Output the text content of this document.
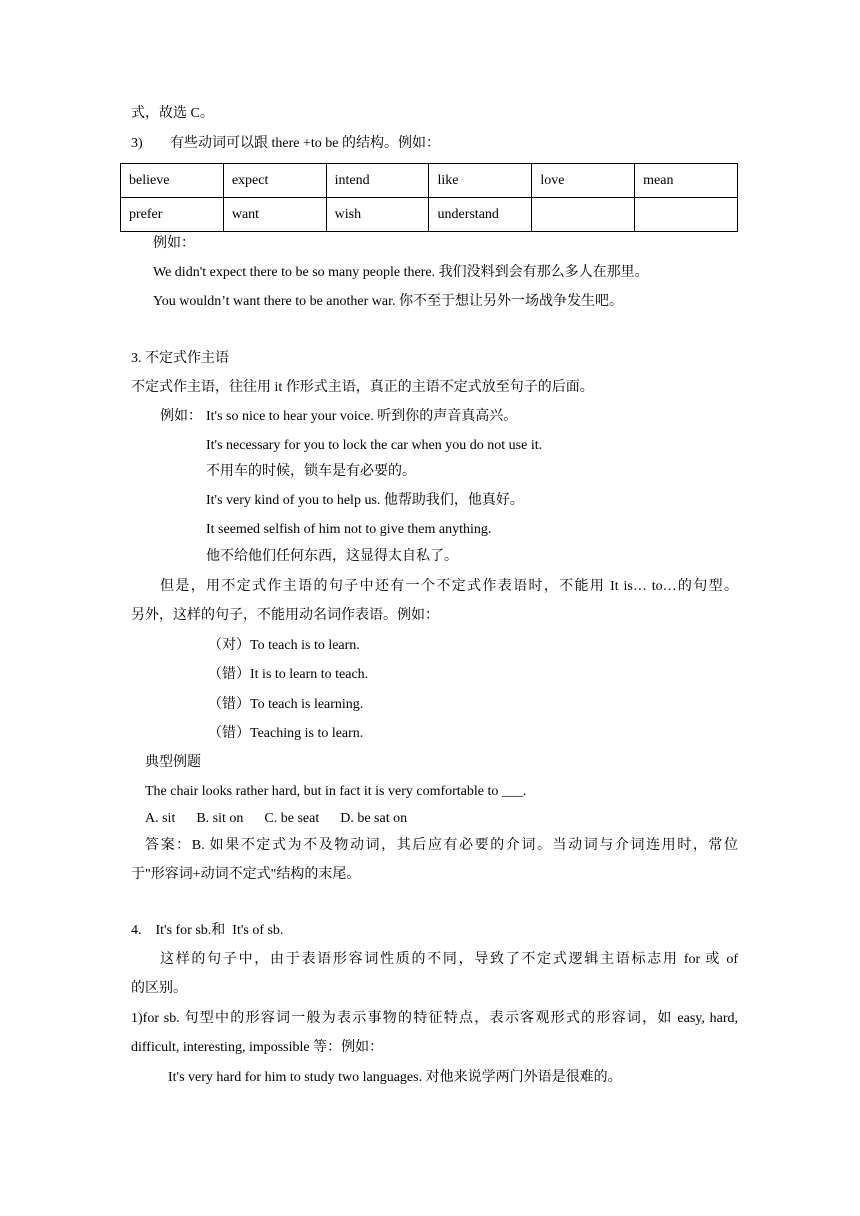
式，故选 C。
3) 有些动词可以跟 there +to be 的结构。例如：
believe	expect	intend	like	love	mean
prefer	want	wish	understand		
例如：
We didn't expect there to be so many people there. 我们没料到会有那么多人在那里。
You wouldn’t want there to be another war. 你不至于想让另外一场战争发生吧。
3. 不定式作主语
不定式作主语，往往用 it 作形式主语，真正的主语不定式放至句子的后面。
例如： It's so nice to hear your voice. 听到你的声音真高兴。
It's necessary for you to lock the car when you do not use it.
不用车的时候，锁车是有必要的。
It's very kind of you to help us. 他帮助我们，他真好。
It seemed selfish of him not to give them anything.
他不给他们任何东西，这显得太自私了。
但是，用不定式作主语的句子中还有一个不定式作表语时，不能用 It is… to…的句型。
另外，这样的句子，不能用动名词作表语。例如：
（对）To teach is to learn.
（错）It is to learn to teach.
（错）To teach is learning.
（错）Teaching is to learn.
典型例题
The chair looks rather hard, but in fact it is very comfortable to ___.
A. sit      B. sit on      C. be seat      D. be sat on
答案：B. 如果不定式为不及物动词，其后应有必要的介词。当动词与介词连用时，常位
于"形容词+动词不定式"结构的末尾。
4.    It's for sb.和  It's of sb.
这样的句子中，由于表语形容词性质的不同，导致了不定式逻辑主语标志用 for 或 of
的区别。
1)for sb. 句型中的形容词一般为表示事物的特征特点，表示客观形式的形容词，如 easy, hard,
difficult, interesting, impossible 等：例如：
It's very hard for him to study two languages. 对他来说学两门外语是很难的。
